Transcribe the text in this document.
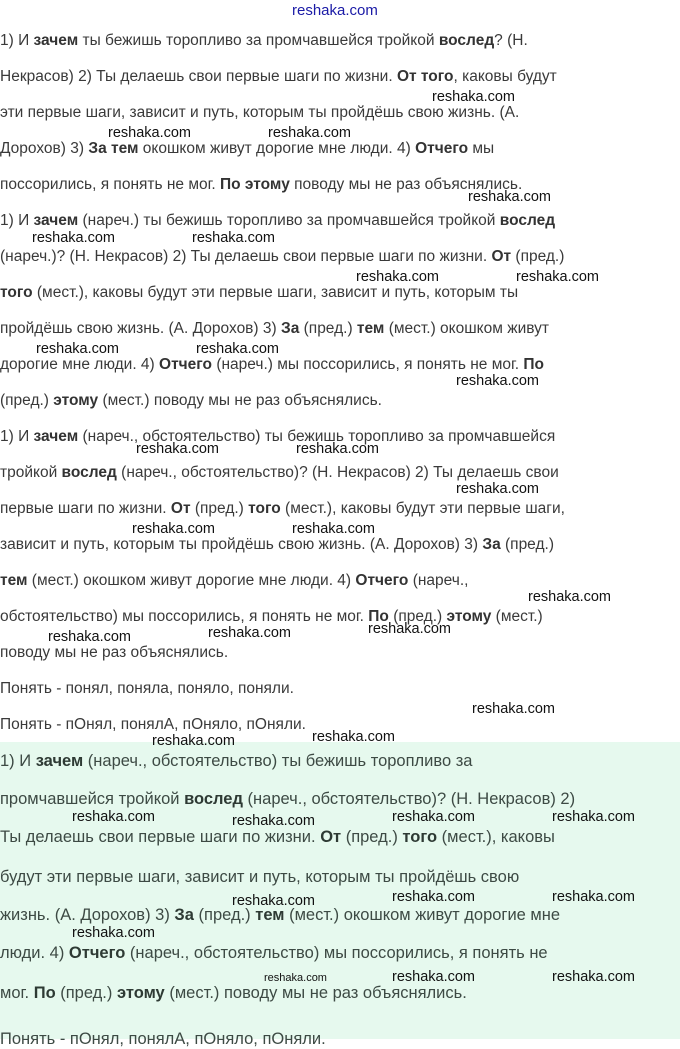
1) И зачем ты бежишь торопливо за промчавшейся тройкой вослед? (Н.

Некрасов) 2) Ты делаешь свои первые шаги по жизни. От того, каковы будут

эти первые шаги, зависит и путь, которым ты пройдёшь свою жизнь. (А.

Дорохов) 3) За тем окошком живут дорогие мне люди. 4) Отчего мы

поссорились, я понять не мог. По этому поводу мы не раз объяснялись.

1) И зачем (нареч.) ты бежишь торопливо за промчавшейся тройкой вослед

(нареч.)? (Н. Некрасов) 2) Ты делаешь свои первые шаги по жизни. От (пред.)

того (мест.), каковы будут эти первые шаги, зависит и путь, которым ты

пройдёшь свою жизнь. (А. Дорохов) 3) За (пред.) тем (мест.) окошком живут

дорогие мне люди. 4) Отчего (нареч.) мы поссорились, я понять не мог. По

(пред.) этому (мест.) поводу мы не раз объяснялись.

1) И зачем (нареч., обстоятельство) ты бежишь торопливо за промчавшейся

тройкой вослед (нареч., обстоятельство)? (Н. Некрасов) 2) Ты делаешь свои

первые шаги по жизни. От (пред.) того (мест.), каковы будут эти первые шаги,

зависит и путь, которым ты пройдёшь свою жизнь. (А. Дорохов) 3) За (пред.)

тем (мест.) окошком живут дорогие мне люди. 4) Отчего (нареч.,

обстоятельство) мы поссорились, я понять не мог. По (пред.) этому (мест.)

поводу мы не раз объяснялись.

Понять - понял, поняла, поняло, поняли.

Понять - пОнял, понялА, пОняло, пОняли.

1) И зачем (нареч., обстоятельство) ты бежишь торопливо за

промчавшейся тройкой вослед (нареч., обстоятельство)? (Н. Некрасов) 2)

Ты делаешь свои первые шаги по жизни. От (пред.) того (мест.), каковы

будут эти первые шаги, зависит и путь, которым ты пройдёшь свою

жизнь. (А. Дорохов) 3) За (пред.) тем (мест.) окошком живут дорогие мне

люди. 4) Отчего (нареч., обстоятельство) мы поссорились, я понять не

мог. По (пред.) этому (мест.) поводу мы не раз объяснялись.

Понять - пОнял, понялА, пОняло, пОняли.

reshaka.com
reshaka.com
reshaka.com	reshaka.com
reshaka.com
reshaka.com	reshaka.com
reshaka.com	reshaka.com
reshaka.com	reshaka.com
reshaka.com
reshaka.com	reshaka.com
reshaka.com
reshaka.com	reshaka.com
reshaka.com
reshaka.com
reshaka.com
reshaka.com
reshaka.com
reshaka.com
reshaka.com
reshaka.com	reshaka.com	reshaka.com	reshaka.com
reshaka.com	reshaka.com	reshaka.com
reshaka.com
reshaka.com	reshaka.com	reshaka.com
